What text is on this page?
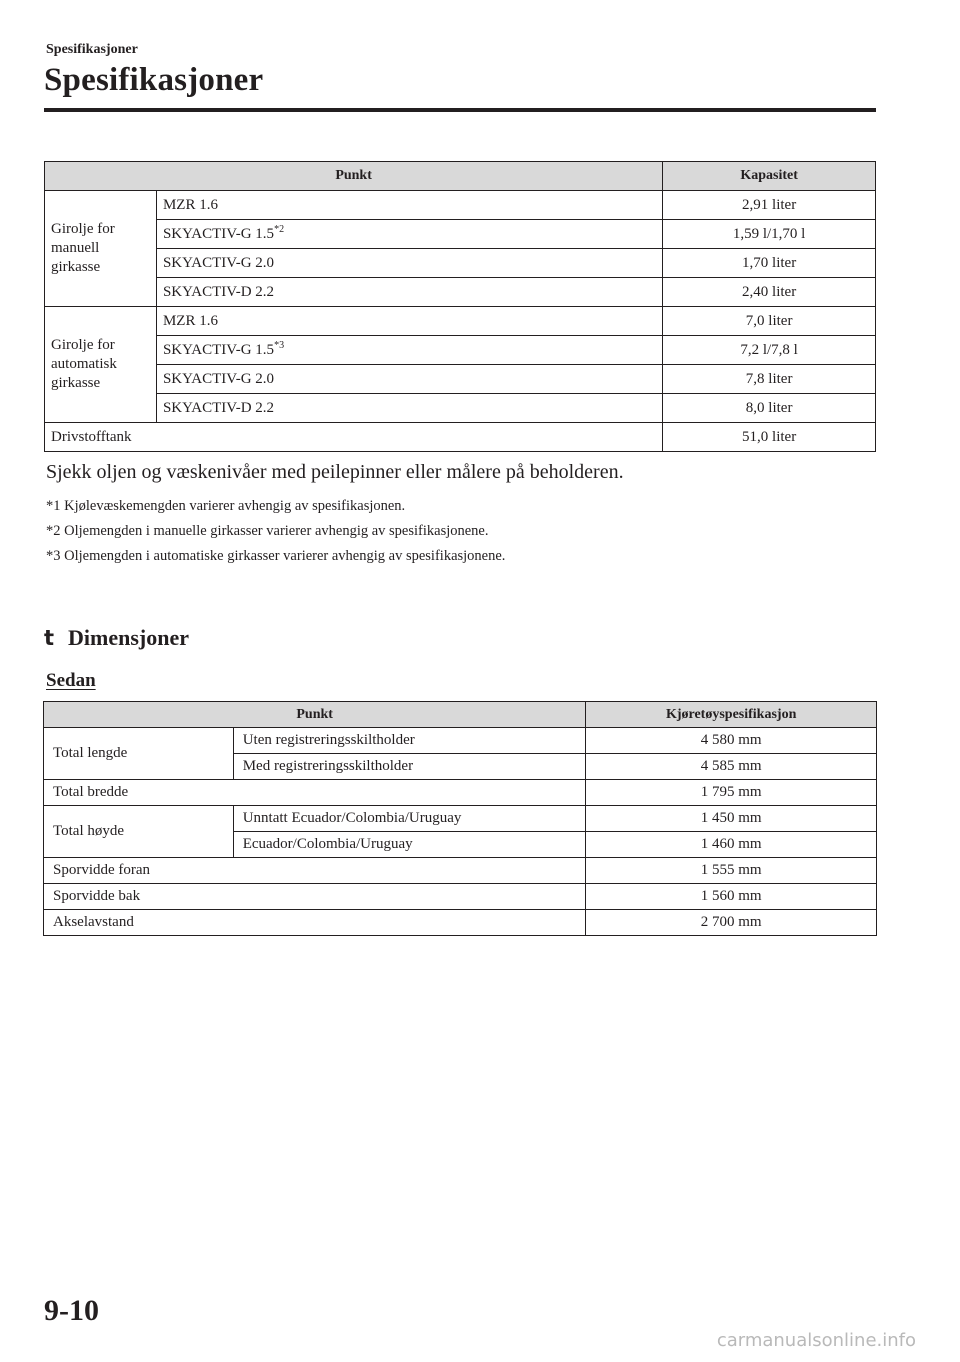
Spesifikasjoner
Spesifikasjoner
Punkt		Kapasitet
Girolje for manuell girkasse	MZR 1.6	2,91 liter
	SKYACTIV-G 1.5$^{*2}$	1,59 l/1,70 l
	SKYACTIV-G 2.0	1,70 liter
	SKYACTIV-D 2.2	2,40 liter
Girolje for automatisk girkasse	MZR 1.6	7,0 liter
	SKYACTIV-G 1.5$^{*3}$	7,2 l/7,8 l
	SKYACTIV-G 2.0	7,8 liter
	SKYACTIV-D 2.2	8,0 liter
Drivstofftank		51,0 liter
Sjekk oljen og væskenivåer med peilepinner eller målere på beholderen.
*1 Kjølevæskemengden varierer avhengig av spesifikasjonen.
*2 Oljemengden i manuelle girkasser varierer avhengig av spesifikasjonene.
*3 Oljemengden i automatiske girkasser varierer avhengig av spesifikasjonene.
t Dimensjoner
Sedan
Punkt		Kjøretøyspesifikasjon
Total lengde	Uten registreringsskiltholder	4 580 mm
	Med registreringsskiltholder	4 585 mm
Total bredde		1 795 mm
Total høyde	Unntatt Ecuador/Colombia/Uruguay	1 450 mm
	Ecuador/Colombia/Uruguay	1 460 mm
Sporvidde foran		1 555 mm
Sporvidde bak		1 560 mm
Akselavstand		2 700 mm
9-10
carmanualsonline.info
